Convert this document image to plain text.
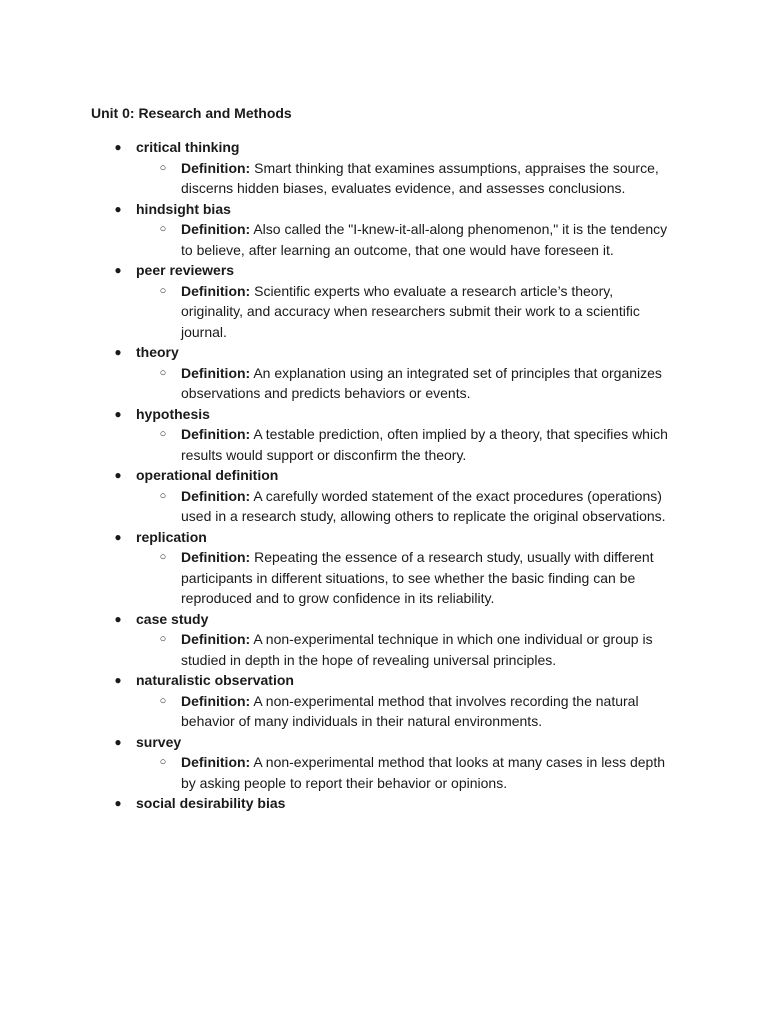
Unit 0: Research and Methods
● critical thinking
○ Definition: Smart thinking that examines assumptions, appraises the source, discerns hidden biases, evaluates evidence, and assesses conclusions.
● hindsight bias
○ Definition: Also called the "I-knew-it-all-along phenomenon," it is the tendency to believe, after learning an outcome, that one would have foreseen it.
● peer reviewers
○ Definition: Scientific experts who evaluate a research article’s theory, originality, and accuracy when researchers submit their work to a scientific journal.
● theory
○ Definition: An explanation using an integrated set of principles that organizes observations and predicts behaviors or events.
● hypothesis
○ Definition: A testable prediction, often implied by a theory, that specifies which results would support or disconfirm the theory.
● operational definition
○ Definition: A carefully worded statement of the exact procedures (operations) used in a research study, allowing others to replicate the original observations.
● replication
○ Definition: Repeating the essence of a research study, usually with different participants in different situations, to see whether the basic finding can be reproduced and to grow confidence in its reliability.
● case study
○ Definition: A non-experimental technique in which one individual or group is studied in depth in the hope of revealing universal principles.
● naturalistic observation
○ Definition: A non-experimental method that involves recording the natural behavior of many individuals in their natural environments.
● survey
○ Definition: A non-experimental method that looks at many cases in less depth by asking people to report their behavior or opinions.
● social desirability bias
